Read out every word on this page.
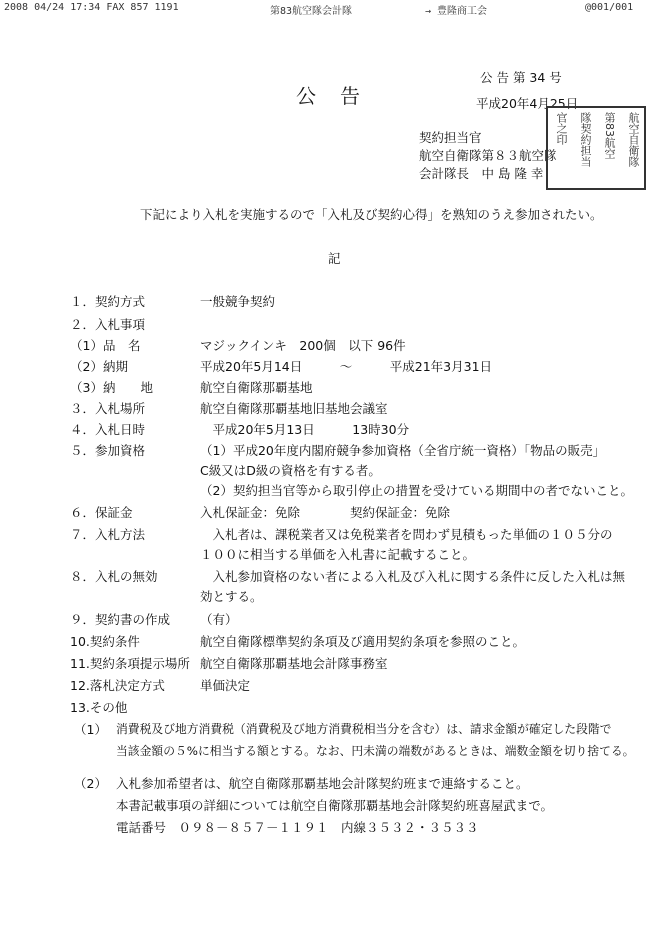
2008 04/24 17:34 FAX 857 1191	第83航空隊会計隊	→ 豊隆商工会	@001/001
公　告
公 告 第 34 号
平成20年4月25日
契約担当官
航空自衛隊第８３航空隊
会計隊長　中 島 隆 幸
航空自衛隊
第83航空
隊契約担当
官之印
下記により入札を実施するので「入札及び契約心得」を熟知のうえ参加されたい。
記
１．契約方式	一般競争契約
２．入札事項
（1）品　名	マジックインキ　200個　以下 96件
（2）納期	平成20年5月14日　　　～　　　平成21年3月31日
（3）納　　地	航空自衛隊那覇基地
３．入札場所	航空自衛隊那覇基地旧基地会議室
４．入札日時	　平成20年5月13日　　　13時30分
５．参加資格	（1）平成20年度内閣府競争参加資格（全省庁統一資格）「物品の販売」
C級又はD級の資格を有する者。
（2）契約担当官等から取引停止の措置を受けている期間中の者でないこと。
６．保証金	入札保証金：免除　　　　契約保証金：免除
７．入札方法	　入札者は、課税業者又は免税業者を問わず見積もった単価の１０５分の
１００に相当する単価を入札書に記載すること。
８．入札の無効	　入札参加資格のない者による入札及び入札に関する条件に反した入札は無
効とする。
９．契約書の作成 （有）
10.契約条件	航空自衛隊標準契約条項及び適用契約条項を参照のこと。
11.契約条項提示場所 航空自衛隊那覇基地会計隊事務室
12.落札決定方式	単価決定
13.その他
（1） 消費税及び地方消費税（消費税及び地方消費税相当分を含む）は、請求金額が確定した段階で
当該金額の５%に相当する額とする。なお、円未満の端数があるときは、端数金額を切り捨てる。
（2） 入札参加希望者は、航空自衛隊那覇基地会計隊契約班まで連絡すること。
本書記載事項の詳細については航空自衛隊那覇基地会計隊契約班喜屋武まで。
電話番号　０９８－８５７－１１９１　内線３５３２・３５３３
